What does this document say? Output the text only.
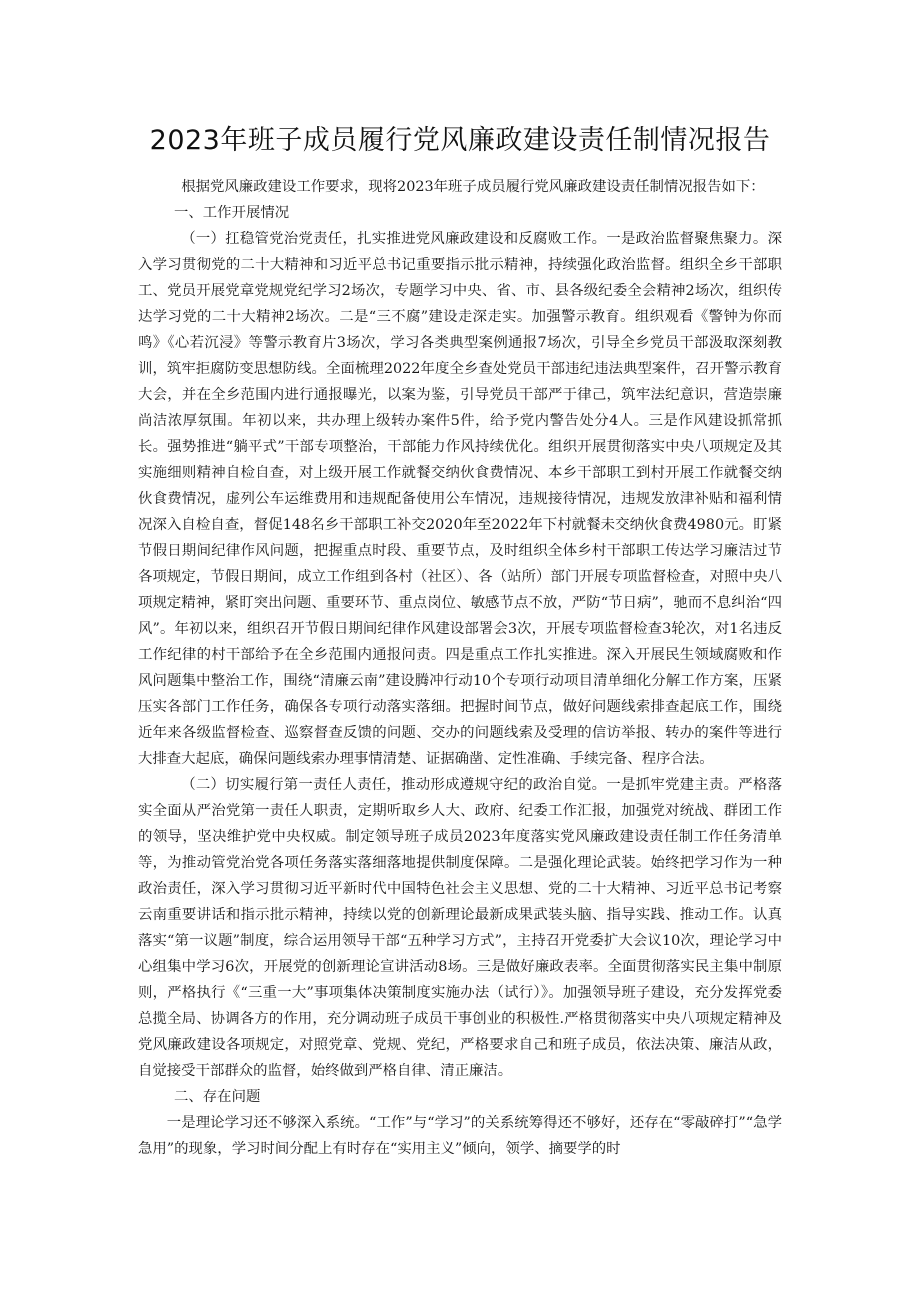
2023年班子成员履行党风廉政建设责任制情况报告

根据党风廉政建设工作要求，现将2023年班子成员履行党风廉政建设责任制情况报告如下：

一、工作开展情况

（一）扛稳管党治党责任，扎实推进党风廉政建设和反腐败工作。一是政治监督聚焦聚力。深入学习贯彻党的二十大精神和习近平总书记重要指示批示精神，持续强化政治监督。组织全乡干部职工、党员开展党章党规党纪学习2场次，专题学习中央、省、市、县各级纪委全会精神2场次，组织传达学习党的二十大精神2场次。二是“三不腐”建设走深走实。加强警示教育。组织观看《警钟为你而鸣》《心若沉浸》等警示教育片3场次，学习各类典型案例通报7场次，引导全乡党员干部汲取深刻教训，筑牢拒腐防变思想防线。全面梳理2022年度全乡查处党员干部违纪违法典型案件，召开警示教育大会，并在全乡范围内进行通报曝光，以案为鉴，引导党员干部严于律己，筑牢法纪意识，营造崇廉尚洁浓厚氛围。年初以来，共办理上级转办案件5件，给予党内警告处分4人。三是作风建设抓常抓长。强势推进“躺平式”干部专项整治，干部能力作风持续优化。组织开展贯彻落实中央八项规定及其实施细则精神自检自查，对上级开展工作就餐交纳伙食费情况、本乡干部职工到村开展工作就餐交纳伙食费情况，虚列公车运维费用和违规配备使用公车情况，违规接待情况，违规发放津补贴和福利情况深入自检自查，督促148名乡干部职工补交2020年至2022年下村就餐未交纳伙食费4980元。盯紧节假日期间纪律作风问题，把握重点时段、重要节点，及时组织全体乡村干部职工传达学习廉洁过节各项规定，节假日期间，成立工作组到各村（社区）、各（站所）部门开展专项监督检查，对照中央八项规定精神，紧盯突出问题、重要环节、重点岗位、敏感节点不放，严防“节日病”，驰而不息纠治“四风”。年初以来，组织召开节假日期间纪律作风建设部署会3次，开展专项监督检查3轮次，对1名违反工作纪律的村干部给予在全乡范围内通报问责。四是重点工作扎实推进。深入开展民生领域腐败和作风问题集中整治工作，围绕“清廉云南”建设腾冲行动10个专项行动项目清单细化分解工作方案，压紧压实各部门工作任务，确保各专项行动落实落细。把握时间节点，做好问题线索排查起底工作，围绕近年来各级监督检查、巡察督查反馈的问题、交办的问题线索及受理的信访举报、转办的案件等进行大排查大起底，确保问题线索办理事情清楚、证据确凿、定性准确、手续完备、程序合法。

（二）切实履行第一责任人责任，推动形成遵规守纪的政治自觉。一是抓牢党建主责。严格落实全面从严治党第一责任人职责，定期听取乡人大、政府、纪委工作汇报，加强党对统战、群团工作的领导，坚决维护党中央权威。制定领导班子成员2023年度落实党风廉政建设责任制工作任务清单等，为推动管党治党各项任务落实落细落地提供制度保障。二是强化理论武装。始终把学习作为一种政治责任，深入学习贯彻习近平新时代中国特色社会主义思想、党的二十大精神、习近平总书记考察云南重要讲话和指示批示精神，持续以党的创新理论最新成果武装头脑、指导实践、推动工作。认真落实“第一议题”制度，综合运用领导干部“五种学习方式”，主持召开党委扩大会议10次，理论学习中心组集中学习6次，开展党的创新理论宣讲活动8场。三是做好廉政表率。全面贯彻落实民主集中制原则，严格执行《“三重一大”事项集体决策制度实施办法（试行）》。加强领导班子建设，充分发挥党委总揽全局、协调各方的作用，充分调动班子成员干事创业的积极性.严格贯彻落实中央八项规定精神及党风廉政建设各项规定，对照党章、党规、党纪，严格要求自己和班子成员，依法决策、廉洁从政，自觉接受干部群众的监督，始终做到严格自律、清正廉洁。

二、存在问题

一是理论学习还不够深入系统。“工作”与“学习”的关系统筹得还不够好，还存在“零敲碎打”“急学急用”的现象，学习时间分配上有时存在“实用主义”倾向，领学、摘要学的时
